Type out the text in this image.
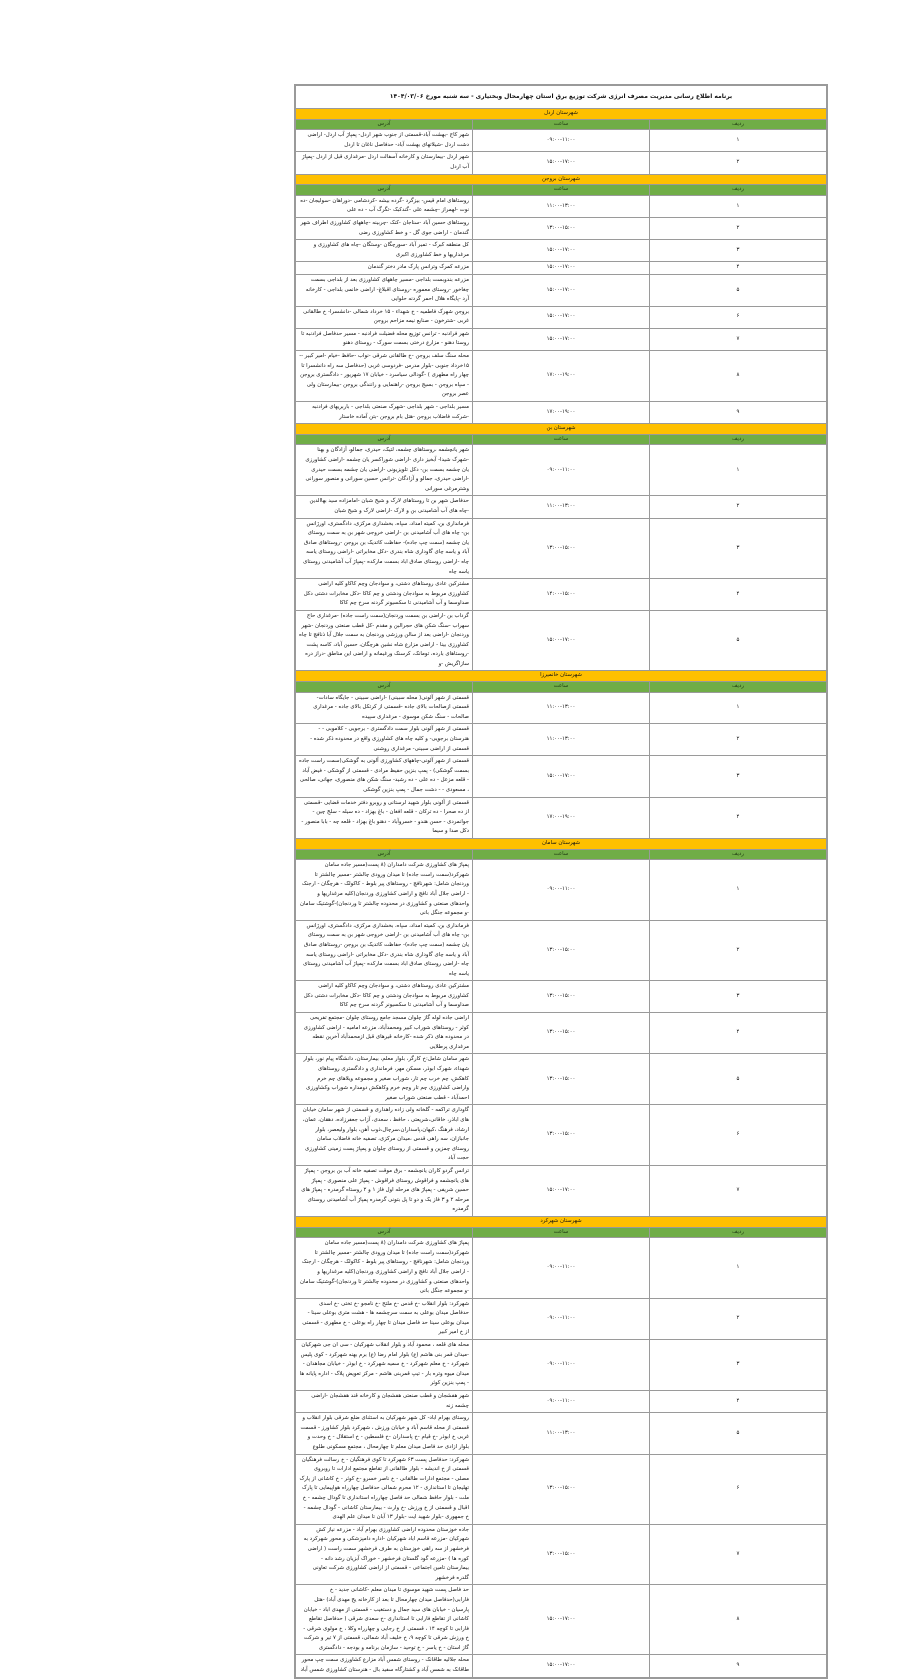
برنامه اطلاع رسانی مدیریت مصرف انرژی شرکت توزیع برق استان چهارمحال وبختیاری - سه شنبه مورخ ۱۴۰۴/۰۳/۰۶		
شهرستان اردل		
ردیف	ساعت	آدرس
۱	۰۹:۰۰-۱۱:۰۰	شهر کاج -بهشت آباد-قسمتی از جنوب شهر اردل- پمپاژ آب اردل- اراضی دشت اردل -شیلاتهای بهشت آباد- حدفاصل ناغان تا اردل
۲	۱۵:۰۰-۱۷:۰۰	شهر اردل -بیمارستان و کارخانه آسفالت اردل -مرغداری قبل از اردل -پمپاژ آب اردل
شهرستان بروجن		
ردیف	ساعت	آدرس
۱	۱۱:۰۰-۱۳:۰۰	روستاهای امام قیس- بیزگرد -گرده بیشه -کردشامی -دوراهان -سولیجان -ده نوت -لهمراز -چشمه علی -گندکبک -تگرگ آب - ده علی
۲	۱۳:۰۰-۱۵:۰۰	روستاهای حسین آباد -سناجان -کنک -چربینه -چاههای کشاورزی اطراف شهر گندمان - اراضی جوی گل - و خط کشاورزی رضی
۳	۱۵:۰۰-۱۷:۰۰	کل منطقه کبرک - تمیر آباد -سورچگان -وستگان -چاه های کشاورزی و مرغداریها و خط کشاورزی اکبری
۴	۱۵:۰۰-۱۷:۰۰	مزرعه کمرک وترانس پارک مادر دختر گندمان
۵	۱۵:۰۰-۱۷:۰۰	مزرعه بندوبست بلداجی -مسیر چاههای کشاورزی بعد از بلداجی بسمت چغاخور -روستای معموره -روستای اقبلاغ- اراضی خانمی بلداجی - کارخانه آرد -پایگاه هلال احمر گردنه حلوایی
۶	۱۵:۰۰-۱۷:۰۰	بروجن شهرک فاطمیه - خ شهداء - ۱۵ خرداد شمالی -دانشسرا- خ طالقانی غربی -شترخون - صنایع نیمه مزاحم بروجن
۷	۱۵:۰۰-۱۷:۰۰	شهر فرادنبه - ترانس توزیع محله فضیلت فرادنبه - مسیر حدفاصل فرادنبه تا روستا دهنو - مزارع درختی بسمت سورک - روستای دهنو
۸	۱۷:۰۰-۱۹:۰۰	محله سنگ سلف بروجن -خ طالقانی شرقی -نواب -حافظ -خیام -امیر کبیر -- ۱۵خرداد جنوبی -بلوار مدرس -فردوسی غربی (حدفاصل سه راه دانشسرا تا چهار راه مطهری ) -گودالی سیاسرد - خیابان ۱۷ شهریور - دادگستری بروجن - سپاه بروجن - بسیج بروجن -راهنمایی و رانندگی بروجن -بیمارستان ولی عصر بروجن
۹	۱۷:۰۰-۱۹:۰۰	مسیر بلداجی - شهر بلداجی -شهرک صنعتی بلداجی - باربریهای فرادنبه -شرکت فاضلاب بروجن -هتل بام بروجن -بتن آماده خاستار
شهرستان بن		
ردیف	ساعت	آدرس
۱	۰۹:۰۰-۱۱:۰۰	شهر یانچشمه ،روستاهای چشمه، لتیک، حیدری، جمالو، آزادگان و بهنا -شهرک شیدا- آبخیز داری -اراضی شوراکسر یان چشمه -اراضی کشاورزی یان چشمه بسمت بن- دکل تلویزیونی -اراضی یان چشمه بسمت حیدری -اراضی حیدری، جمالو و آزادگان -ترانس حسین سورانی و منصور سورانی وشترمرغی سورانی
۲	۱۱:۰۰-۱۳:۰۰	حدفاصل شهر بن تا روستاهای لارک و شیخ شبان -امامزاده سید بهاالدین -چاه های آب آشامیدنی بن و لارک -اراضی لارک و شیخ شبان
۳	۱۳:۰۰-۱۵:۰۰	فرمانداری بن، کمیته امداد، سپاه، بخشداری مرکزی، دادگستری، اورژانس بن- چاه های آب آشامیدنی بن -اراضی خروجی شهر بن به سمت روستای یان چشمه (سمت چپ جاده)- حفاظت کاتدیک بن بروجن -روستاهای صادق آباد و یاسه چای گاوداری شاه بندری -دکل مخابراتی -اراضی روستای یاسه چاه -اراضی روستای صادق اباد بسمت مارکده -پمپاژ آب آشامیدنی روستای یاسه چاه
۴	۱۴:۰۰-۱۵:۰۰	مشترکین عادی روستاهای دشتی، و سوادجان وچم کاکاو کلیه اراضی کشاورزی مربوط به سوادجان ودشتی و چم کاکا -دکل مخابرات دشتی دکل صداوسما و آب آشامیدنی تا سکسیونر گردنه سرخ چم کاکا
۵	۱۵:۰۰-۱۷:۰۰	گرداب بن -اراضی بن بسمت وردنجان(سمت راست جاده) -مرغداری حاج سهراب -سنگ شکن های حجرالبن و مقدم -کل قطب صنعتی وردنجان -شهر وردنجان -اراضی بعد از سالن ورزشی وردنجان به سمت جلال آبا ذنافچ تا چاه کشاورزی بینا - اراضی مزارع شاه نشین هرچگان، حسین آباد، کاسه پشت -روستاهای بارده، تومانک، کرسنک ورغیمانه و اراضی این مناطق -دراز دره سازاگریش -و
شهرستان خانمیرزا		
ردیف	ساعت	آدرس
۱	۱۱:۰۰-۱۳:۰۰	قسمتی از شهر آلونی( محله سبینی) -اراضی سبینی - جایگاه سادات- قسمتی ازصالحات بالای جاده -قسمتی از کرتکل بالای جاده - مرغداری صالحات - سنگ شکن موسوی - مرغداری سپیده
۲	۱۱:۰۰-۱۳:۰۰	قسمتی از شهر آلونی بلوار سمت دادگستری - برجویی - کلاموبی - - هنرستان برجویی- و کلیه چاه های کشاورزی واقع در محدوده ذکر شده - قسمتی از اراضی سبینی- مرغداری روشنی
۳	۱۵:۰۰-۱۷:۰۰	قسمتی از شهر آلونی-چاههای کشاورزی آلونی به گوشکی(سمت راست جاده بسمت گوشکی) - پمپ بنزین حفیظ مرادی - قسمتی از گوشکی - فیض آباد - قلعه مزعل - ده علی - ده رشید- سنگ شکن های منصوری، جهانی، صالحی ، مسعودی - - دشت جمال - پمپ بنزین گوشکی
۴	۱۷:۰۰-۱۹:۰۰	قسمتی از آلونی بلوار شهید لرستانی و روبرو دفتر خدمات قضایی -قسمتی از ده صحرا - ده ترکان - قلعه افغان - باغ بهزاد - ده سیله - سلخ چین - جوانمردی - حسن هندو - خسروآباد - دهنو باغ بهزاد - قلعه چه - بابا منصور - دکل صدا و سیما
شهرستان سامان		
ردیف	ساعت	آدرس
۱	۰۹:۰۰-۱۱:۰۰	پمپاژ های کشاورزی شرکت دامداران (۸ پست(مسیر جاده سامان شهرکرد(سمت راست جاده) تا میدان ورودی چالشتر -مسیر چالشتر تا وردنجان شامل: شهرنافچ - روستاهای پیر بلوط - کاکولک - هرچگان - ارجنک - اراضی جلال آباد نافچ و اراضی کشاورزی وردنجان(کلیه مرغداریها و واحدهای صنعتی و کشاورزی در محدوده چالشتر تا وردنجان)-گوشتیک سامان -و مجموعه جنگل بانی
۲	۱۳:۰۰-۱۵:۰۰	فرمانداری بن، کمیته امداد، سپاه، بخشداری مرکزی، دادگستری، اورژانس بن- چاه های آب آشامیدنی بن -اراضی خروجی شهر بن به سمت روستای یان چشمه (سمت چپ جاده)- حفاظت کاتدیک بن بروجن -روستاهای صادق آباد و یاسه چای گاوداری شاه بندری -دکل مخابراتی -اراضی روستای یاسه چاه -اراضی روستای صادق اباد بسمت مارکده -پمپاژ آب آشامیدنی روستای یاسه چاه
۳	۱۳:۰۰-۱۵:۰۰	مشترکین عادی روستاهای دشتی، و سوادجان وچم کاکاو کلیه اراضی کشاورزی مربوط به سوادجان ودشتی و چم کاکا -دکل مخابرات دشتی دکل صداوسما و آب آشامیدنی تا سکسیونر گردنه سرخ چم کاکا
۴	۱۳:۰۰-۱۵:۰۰	اراضی جاده لوله گاز چلوان مسجد جامع روستای چلوان -مجتمع تفریحی کوثر - روستاهای شوراب کبیر ومحمدآباد، مزرعه امامیه - اراضی کشاورزی در محدوده های ذکر شده -کارخانه قیرهای قبل ازمحمدآباد آخرین نقطه مرغداری پرطلایی
۵	۱۳:۰۰-۱۵:۰۰	شهر سامان شامل:خ کارگر، بلوار معلم، بیمارستان، دانشگاه پیام نور، بلوار شهداء، شهرک ابوذر، مسکن مهر، فرمانداری و دادگستری روستاهای کاهکش، چم خرب چم تار، شوراب صغیر و مجموعه ویلاهای چم خرم واراضی کشاورزی چم تار وچم خرم وکاهکش دومداره شوراب وکشاورزی احمدآباد - قطب صنعتی شوراب صغیر
۶	۱۳:۰۰-۱۵:۰۰	گاوداری تراکمه - گلخانه ولی زاده راهداری و قسمتی از شهر سامان خیابان های اباذر، خاقانی،شریعتی ، حافظ ، سعدی، آزاب جعفرزاده، دهقان، عمان، ارشاد، فرهنگ ،کیهان،پاسداران،سرچال،ذوب آهن، بلوار ولیعصر، بلوار جانبازان، سه راهی قدس ،میدان مرکزی، تصفیه خانه فاضلاب سامان روستای چمزین و قسمتی از روستای چلوان و پمپاژ پست زمینی کشاورزی حجت آباد
۷	۱۵:۰۰-۱۷:۰۰	ترانس گردو کاران یانچشمه - برق موقت تصفیه خانه آب بن بروجن - پمپاژ های یانچشمه و فراقوش روستای فراقوش - پمپاژ علی منصوری - پمپاژ حسین شریفی - پمپاژ های مرحله اول فاز ۱ و ۲ روستاه گرمدره - پمپاژ های مرحله ۲ و ۳ فاز یک و دو تا پل بتونی گرمدره پمپاژ آب آشامیدنی روستای گرمدره
شهرستان شهرکرد		
ردیف	ساعت	آدرس
۱	۰۹:۰۰-۱۱:۰۰	پمپاژ های کشاورزی شرکت دامداران (۸ پست(مسیر جاده سامان شهرکرد(سمت راست جاده) تا میدان ورودی چالشتر -مسیر چالشتر تا وردنجان شامل: شهرنافچ - روستاهای پیر بلوط - کاکولک - هرچگان - ارجنک - اراضی جلال آباد نافچ و اراضی کشاورزی وردنجان(کلیه مرغداریها و واحدهای صنعتی و کشاورزی در محدوده چالشتر تا وردنجان)-گوشتیک سامان -و مجموعه جنگل بانی
۲	۰۹:۰۰-۱۱:۰۰	شهرکرد: بلوار انقلاب -خ قدس -خ ملتح -خ نامجو -خ تختی -خ اسدی حدفاصل میدان بوعلی به سمت سرچشمه ها - هشت متری بوعلی سینا - میدان بوعلی سینا حد فاصل میدان تا چهار راه بوعلی - خ مطهری - قسمتی از خ امیر کبیر
۳	۰۹:۰۰-۱۱:۰۰	محله های قلعه ، محمود آباد و بلوار انقلاب شهرکیان - سی ان جی شهرکیان -میدان قمر بنی هاشم (ع) بلوار امام رضا (ع) برم بهنه شهرکرد - کوی پلیس شهرکرد - خ معلم شهرکرد - خ سمیه شهرکرد - خ ابوذر - خیابان مجاهدان - میدان میوه وتره بار - تیپ قمربنی هاشم - مرکز تعویض پلاک - اداره پایانه ها - پمپ بنزین کوثر
۴	۰۹:۰۰-۱۱:۰۰	شهر هفشجان و قطب صنعتی هفشجان و کارخانه قند هفشجان -اراضی چشمه زنه
۵	۱۱:۰۰-۱۳:۰۰	روستای بهرام اباد- کل شهر شهرکیان به استثنای ضلع شرقی بلوار انقلاب و قسمتی از محله قاسم آباد و خیابان ورزش ، شهرکرد بلوار کشاورز - قسمت غربی خ ابوذر -خ قیام -خ پاسداران -خ فلسطین - خ استقلال - خ وحدت و بلوار ازادی حد فاصل میدان معلم تا چهارمحال ، مجتمع مسکونی طلوع
۶	۱۳:۰۰-۱۵:۰۰	شهرکرد: حدفاصل پست ۶۳ شهرکرد تا کوی فرهنگیان - خ رسالت فرهنگیان قسمتی از خ اندیشه - بلوار طالقانی از تقاطع مجتمع ادارات تا روبروی مصلی - مجتمع ادارات طالقانی - خ ناصر خسرو -خ کوثر - خ کاشانی از پارک تهلیجان تا استانداری - ۱۲ محرم شمالی حدفاصل چهارراه هواپیمایی تا پارک ملت - بلوار حافظ شمالی حد فاصل چهارراه استانداری تا گودال چشمه - خ اقبال و قسمتی از خ ورزش -خ وارث - بیمارستان کاشانی - گودال چشمه - خ جمهوری -بلوار شهید ایت -بلوار ۱۳ آبان تا میدان علم الهدی
۷	۱۳:۰۰-۱۵:۰۰	جاده خوزستان محدوده اراضی کشاورزی بهرام آباد - مزرعه نیاز کش شهرکیان -مزرعه قاسم اباد شهرکیان -اداره دامپزشکی و محور شهرکرد به فرخشهر از سه راهی خوزستان به طرف فرخشهر سمت راست ( اراضی کوره ها ) -مزرعه گود گلستان فرخشهر - خوراک آبزیان رشد دانه - بیمارستان تامین اجتماعی - قسمتی از اراضی کشاورزی شرکت تعاونی گلدره فرخشهر
۸	۱۵:۰۰-۱۷:۰۰	حد فاصل پست شهید موسوی تا میدان معلم -کاشانی جدید - خ فارابی(حدفاصل میدان چهارمحال تا بعد از کارخانه یخ مهدی آباد) -هتل پارسیان - خیابان های سید جمال و دستغیب - قسمتی از مهدی اباد - خیابان کاشانی از تقاطع فارابی تا استانداری -خ سعدی شرقی ( حدفاصل تقاطع فارابی تا کوچه ۱۴ ، قسمتی از خ رجایی و چهارراه وکلا ، خ مولوی شرقی - خ ورزش شرقی تا کوچه ۹، خ خلیف آباد شمالی، قسمتی از ۷ تیر و شرکت گاز استان - خ یاسر - خ توحید - سازمان برنامه و بودجه - دادگستری
۹	۱۵:۰۰-۱۷:۰۰	محله جلالیه طاقانک - روستای شمس آباد مزارع کشاورزی سمت چپ محور طاقانک به شمس آباد و کشتارگاه سفید بال - هنرستان کشاورزی شمس آباد
